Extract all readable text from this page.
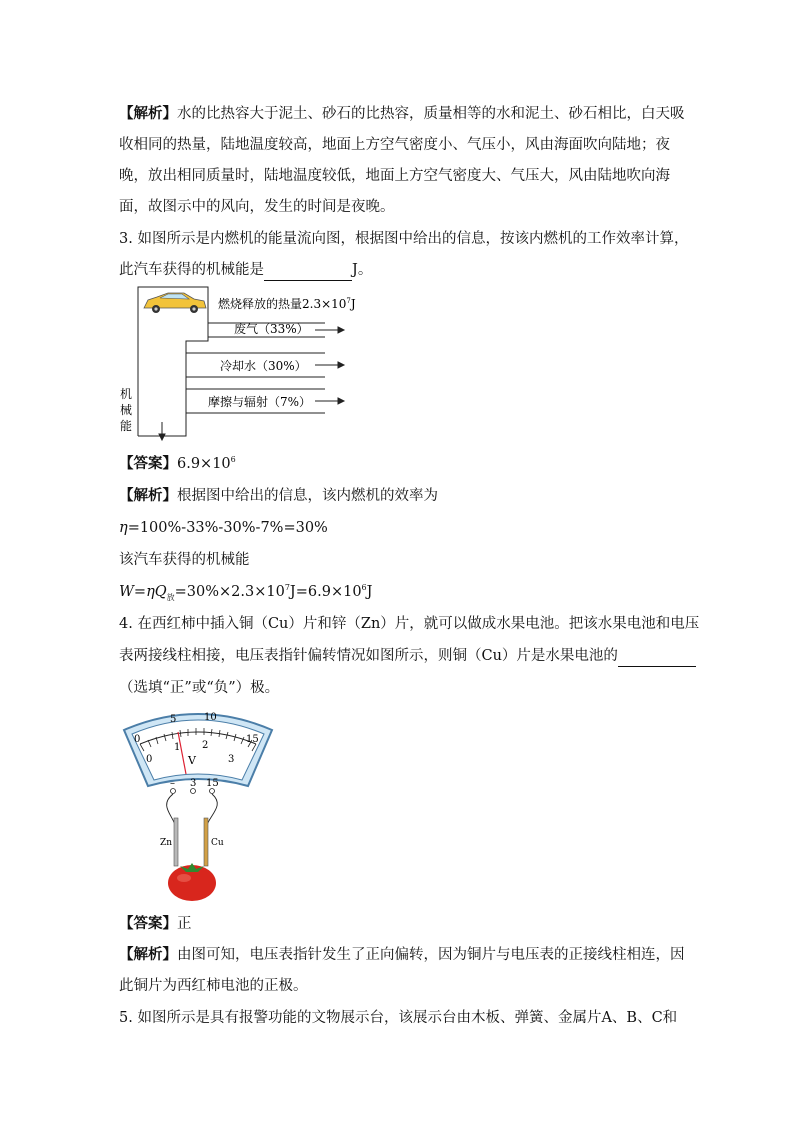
【解析】水的比热容大于泥土、砂石的比热容，质量相等的水和泥土、砂石相比，白天吸
收相同的热量，陆地温度较高，地面上方空气密度小、气压小，风由海面吹向陆地；夜
晚，放出相同质量时，陆地温度较低，地面上方空气密度大、气压大，风由陆地吹向海
面，故图示中的风向，发生的时间是夜晚。
3. 如图所示是内燃机的能量流向图，根据图中给出的信息，按该内燃机的工作效率计算，
此汽车获得的机械能是	J。
燃烧释放的热量$2.3\times 10^7J$
废气（33%）
冷却水（30%）
摩擦与辐射（7%）
机
械
能
【答案】$6.9\times 10^6$
【解析】根据图中给出的信息，该内燃机的效率为
η=100%-33%-30%-7%=30%
该汽车获得的机械能
$W=\eta Q_放=30\%\times 2.3\times 10^7J=6.9\times 10^6J$
4. 在西红柿中插入铜（Cu）片和锌（Zn）片，就可以做成水果电池。把该水果电池和电压
表两接线柱相接，电压表指针偏转情况如图所示，则铜（Cu）片是水果电池的
（选填“正”或“负”）极。
0
5	10
15
0
1 2
3
V
– 3 15
Zn	Cu
【答案】正
【解析】由图可知，电压表指针发生了正向偏转，因为铜片与电压表的正接线柱相连，因
此铜片为西红柿电池的正极。
5. 如图所示是具有报警功能的文物展示台，该展示台由木板、弹簧、金属片A、B、C和
